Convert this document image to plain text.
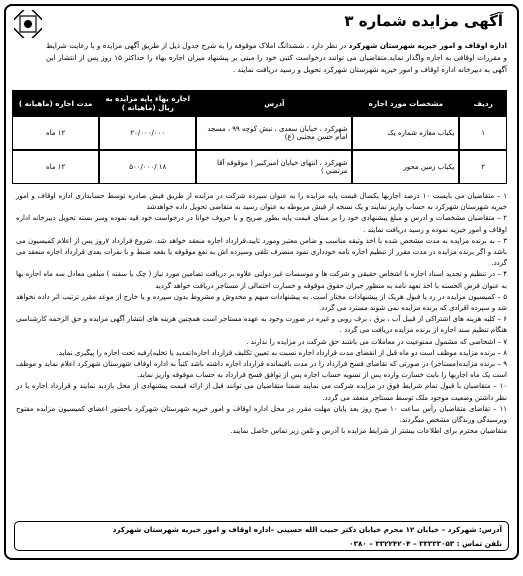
آگهی مزایده شماره ۳
اداره اوقاف و امور خیریه شهرستان شهرکرد در نظر دارد ، ششدانگ املاک موقوفه را به شرح جدول ذیل از طریق آگهی مزایده و با رعایت شرایط و مقررات اوقافی به اجاره واگذار نماید.متقاضیان می توانند درخواست کتبی خود را مبنی بر پیشنهاد میزان اجاره بهاء را حداکثر ۱۵ روز پس از انتشار این آگهی به دبیرخانه اداره اوقاف و امور خیریه شهرستان شهرکرد تحویل و رسید دریافت نمایند .
ردیف	مشخصات مورد اجاره	آدرس	اجاره بهاء پایه مزایده به ریال (ماهیانه )	مدت اجاره (ماهیانه )
۱	یکباب مغازه شماره یک	شهرکرد ، خیابان سعدی ، نبش کوچه ۹۹ ، مسجد امام حسن مجتبی (ع)	۲۰/۰۰۰/۰۰۰	۱۲ ماه
۲	یکباب زمین محور	شهرکرد ، انتهای خیابان امیرکبیر ( موقوفه آقا مرتضی )	۱۸ /۵۰۰/۰۰۰	۱۲ ماه

۱ – متقاضیان می بایست ۱۰ درصد اجاربها یکسال قیمت پایه مزایده را به عنوان سپرده شرکت در مزایده از طریق فیش صادره توسط حسابداری اداره اوقاف و امور خیریه شهرستان شهرکرد به حساب واریز نمایند و یک نسخه از فیش مربوطه به عنوان رسید به متقاضی تحویل داده خواهدشد

۲ – متقاضیان مشخصات و ادرس و مبلغ پیشنهادی خود را بر مبنای قیمت پایه بطور صریح و با حروف خوانا در درخواست خود قید نموده وسر بسته تحویل دبیرخانه اداره اوقاف و امور خیریه نموده و رسید دریافت نمایند .

۳ – به برنده مزایده به مدت مشخص شده با اخذ وثیقه مناسب و ضامن معتبر ومورد تایید،قرارداد اجاره منعقد خواهد شد. شروع قرارداد ۷روز پس از اعلام کمیسیون می باشد و اگر برنده مزایده در مدت مقرر از تنظیم اجاره نامه خودداری نمود منصرف تلقی وسپرده اش به نفع موقوفه یا بقعه ضبط و با نفرات بعدی قرارداد اجاره منعقد می گردد.

۴ – در تنظیم و تجدید اسناد اجاره با اشخاص حقیقی و شرکت ها و موسسات غیر دولتی علاوه بر دریافت تضامین مورد نیاز ( چک یا سفته ) مبلغی معادل سه ماه اجاره بها به عنوان قرض الحسنه با اخذ تعهد نامه به منظور جبران حقوق موقوفه و خسارت احتمالی از مستاجر دریافت خواهد گردید

۵ – کمیسیون مزایده در رد یا قبول هریک از پیشنهادات مختار است. به پیشنهادات مبهم و مخدوش و مشروط بدون سپرده و یا خارج از موعد مقرر ترتیب اثر داده نخواهد شد و سپرده اقرادی که برنده مزایده نمی شوند مسترد می گردد.

۶ – کلیه هزینه های اشتراکی از قبیل آب ، برق ، برف روبی و غیره در صورت وجود به عهده مستاجر است همچنین هزینه های انتشار آگهی مزایده و حق الزحمه کارشناسی هنگام تنظیم سند اجاره از برنده مزایده دریافت می گردد .

۷ – اشخاصی که مشمول ممنوعیت در معاملات می باشند حق شرکت در مزایده را ندارند .

۸ – برنده مزایده موظف است دو ماه قبل از انقضای مدت قرارداد اجاره نسبت به تعیین تکلیف قرارداد اجاره(تمدید یا تخلیه)رقبه تحت اجاره را پیگیری نماید.

۹ – برنده مزایده(مستاجر) در صورتی که تقاضای فسخ قرارداد را در مدت باقیمانده قرارداد اجاره داشته باشد کتباً به اداره اوقاف شهرستان شهرکرد اعلام نماید و موظف است یک ماه اجاربها را بابت خسارت وارده پس از تسویه حساب اجاره پس از توافق فسخ قرارداد به حساب موقوفه واریز نماید.

۱۰ – متقاضیان با قبول تمام شرایط فوق در مزایده شرکت می نمایند ضمنا متقاضیان می توانند قبل از ارائه قیمت پیشنهادی از محل بازدید نمایند و قرارداد اجاره با در نظر داشتن وضعیت موجود ملک توسط مستاجر منعقد می گردد.

۱۱ – تقاضای متقاضیان رأس ساعت ۱۰ صبح روز بعد پایان مهلت مقرر در محل اداره اوقاف و امور خیریه شهرستان شهرکرد باحضور اعضای کمیسیون مزایده مفتوح وبرسیدگی ورندگان مشخص میگردند.

متقاضیان محترم برای اطلاعات بیشتر از شرایط مزایده با آدرس و تلفن زیر تماس حاصل نمایند.

آدرس: شهرکرد – خیابان ۱۲ محرم خیابان دکتر حبیب الله حسینی –اداره اوقاف و امور خیریه شهرستان شهرکرد
تلفن تماس : ۳۳۳۳۳۰۵۳ – ۳۳۲۲۴۲۰۴ – ۰۳۸۰
